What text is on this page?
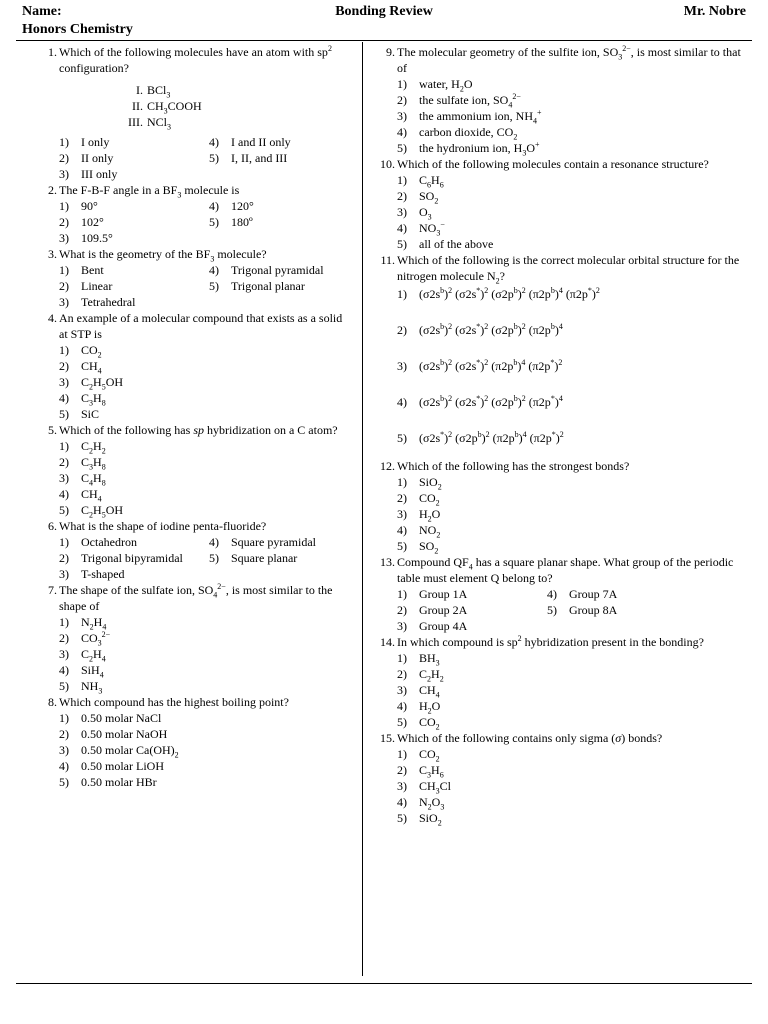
Name:
Honors Chemistry
Bonding Review	Mr. Nobre
1. Which of the following molecules have an atom with $sp^2$ configuration?
I. BCl$_3$
II. $CH_3COOH$
III. NCl$_3$
1)	I only	4)	I and II only
2)	II only	5)	I, II, and III
3)	III only
2. The F-B-F angle in a $BF_3$ molecule is
1)	90°	4)	120°
2)	102°	5)	180º
3)	109.5°
3. What is the geometry of the $BF_3$ molecule?
1)	Bent	4)	Trigonal pyramidal
2)	Linear	5)	Trigonal planar
3)	Tetrahedral
4. An example of a molecular compound that exists as a solid at STP is
1)	$CO_2$
2)	$CH_4$
3)	$C_2H_5OH$
4)	$C_3H_8$
5)	SiC
5. Which of the following has sp hybridization on a C atom?
1)	$C_2H_2$
2)	$C_3H_8$
3)	$C_4H_8$
4)	$CH_4$
5)	$C_2H_5OH$
6. What is the shape of iodine penta-fluoride?
1)	Octahedron	4)	Square pyramidal
2)	Trigonal bipyramidal 5)	Square planar
3)	T-shaped
7. The shape of the sulfate ion, $SO_4^{2-}$, is most similar to the shape of
1)	$N_2H_4$
2)	$CO_3^{2-}$
3)	$C_2H_4$
4)	SiH$_4$
5)	$NH_3$
8. Which compound has the highest boiling point?
1)	0.50 molar NaCl
2)	0.50 molar NaOH
3)	0.50 molar $Ca(OH)_2$
4)	0.50 molar LiOH
5)	0.50 molar HBr
9. The molecular geometry of the sulfite ion, $SO_3^{2-}$, is most similar to that of
1)	water, $H_2O$
2)	the sulfate ion, $SO_4^{2-}$
3)	the ammonium ion, $NH_4^+$
4)	carbon dioxide, $CO_2$
5)	the hydronium ion, $H_3O^+$
10. Which of the following molecules contain a resonance structure?
1)	$C_6H_6$
2)	$SO_2$
3)	$O_3$
4)	$NO_3^-$
5)	all of the above
11. Which of the following is the correct molecular orbital structure for the nitrogen molecule $N_2$?
1)	$(\sigma 2s^b)^2$ $(\sigma 2s^*)^2$ $(\sigma 2p^b)^2$ $(\pi 2p^b)^4$ $(\pi 2p^*)^2$
2)	$(\sigma 2s^b)^2$ $(\sigma 2s^*)^2$ $(\sigma 2p^b)^2$ $(\pi 2p^b)^4$
3)	$(\sigma 2s^b)^2$ $(\sigma 2s^*)^2$ $(\pi 2p^b)^4$ $(\pi 2p^*)^2$
4)	$(\sigma 2s^b)^2$ $(\sigma 2s^*)^2$ $(\sigma 2p^b)^2$ $(\pi 2p^*)^4$
5)	$(\sigma 2s^*)^2$ $(\sigma 2p^b)^2$ $(\pi 2p^b)^4$ $(\pi 2p^*)^2$
12. Which of the following has the strongest bonds?
1)	SiO$_2$
2)	$CO_2$
3)	$H_2O$
4)	$NO_2$
5)	$SO_2$
13. Compound $QF_4$ has a square planar shape. What group of the periodic table must element Q belong to?
1)	Group 1A	4)	Group 7A
2)	Group 2A	5)	Group 8A
3)	Group 4A
14. In which compound is $sp^2$ hybridization present in the bonding?
1)	$BH_3$
2)	$C_2H_2$
3)	$CH_4$
4)	$H_2O$
5)	$CO_2$
15. Which of the following contains only sigma (σ) bonds?
1)	$CO_2$
2)	$C_3H_6$
3)	$CH_3Cl$
4)	$N_2O_3$
5)	SiO$_2$
